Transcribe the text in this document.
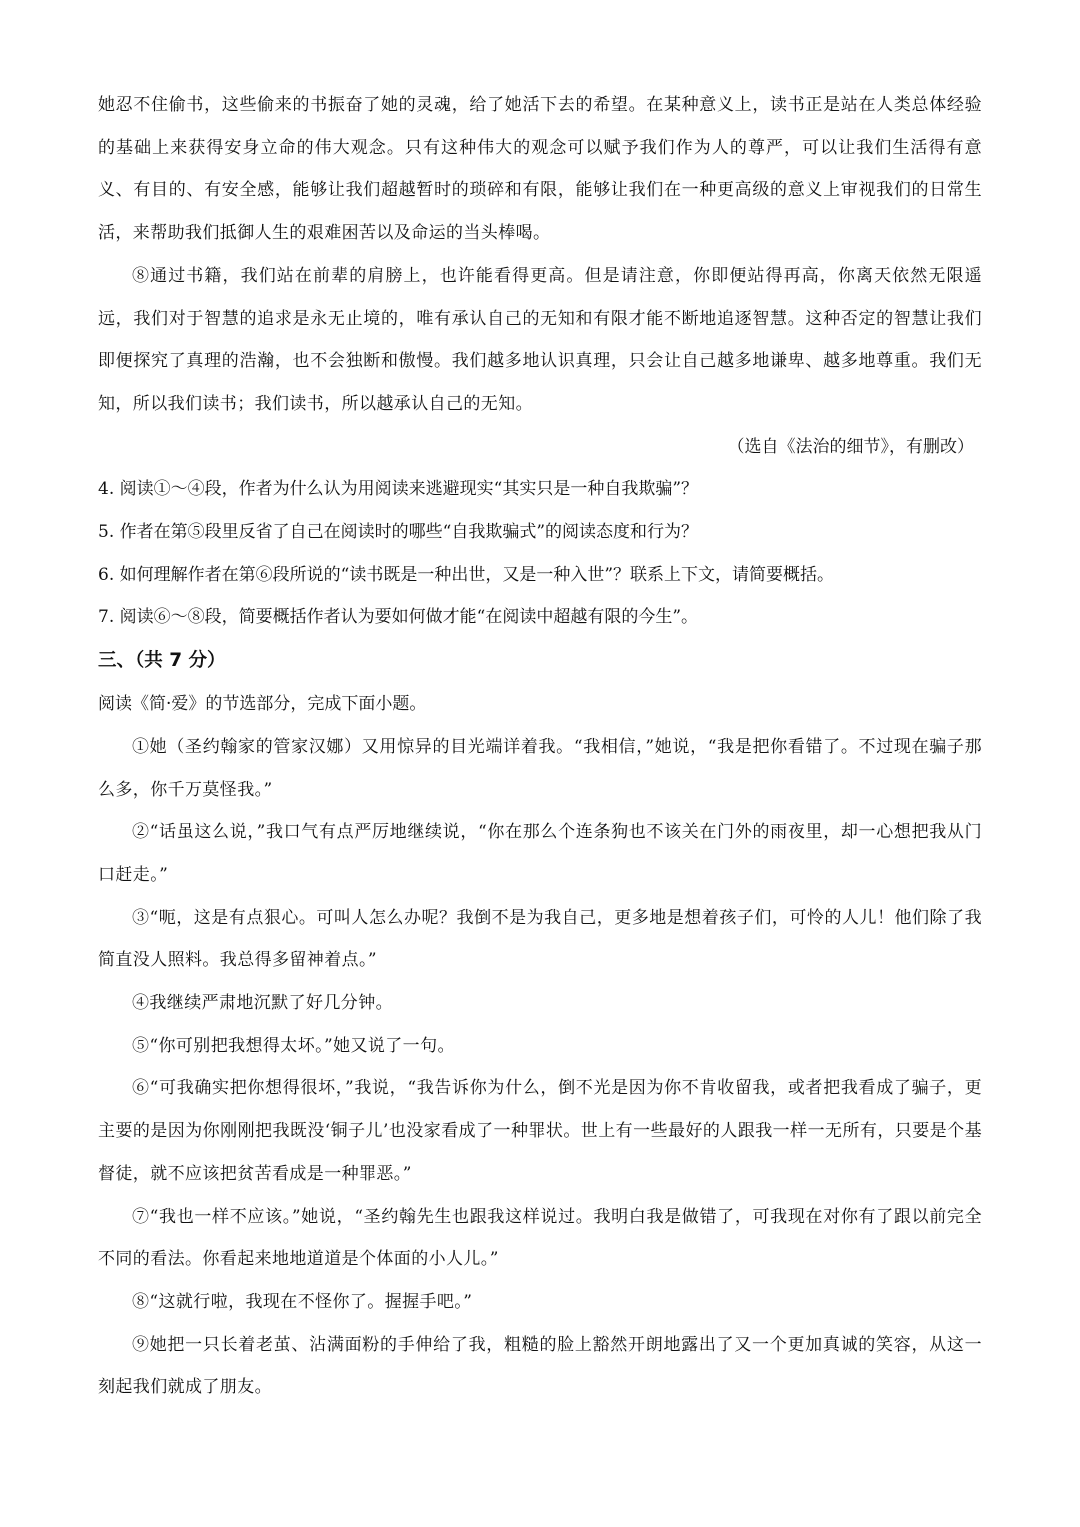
她忍不住偷书，这些偷来的书振奋了她的灵魂，给了她活下去的希望。在某种意义上，读书正是站在人类总体经验的基础上来获得安身立命的伟大观念。只有这种伟大的观念可以赋予我们作为人的尊严，可以让我们生活得有意义、有目的、有安全感，能够让我们超越暂时的琐碎和有限，能够让我们在一种更高级的意义上审视我们的日常生活，来帮助我们抵御人生的艰难困苦以及命运的当头棒喝。

⑧通过书籍，我们站在前辈的肩膀上，也许能看得更高。但是请注意，你即便站得再高，你离天依然无限遥远，我们对于智慧的追求是永无止境的，唯有承认自己的无知和有限才能不断地追逐智慧。这种否定的智慧让我们即便探究了真理的浩瀚，也不会独断和傲慢。我们越多地认识真理，只会让自己越多地谦卑、越多地尊重。我们无知，所以我们读书；我们读书，所以越承认自己的无知。

（选自《法治的细节》，有删改）

4. 阅读①～④段，作者为什么认为用阅读来逃避现实“其实只是一种自我欺骗”？

5. 作者在第⑤段里反省了自己在阅读时的哪些“自我欺骗式”的阅读态度和行为？

6. 如何理解作者在第⑥段所说的“读书既是一种出世，又是一种入世”？联系上下文，请简要概括。

7. 阅读⑥～⑧段，简要概括作者认为要如何做才能“在阅读中超越有限的今生”。

三、（共 7 分）

阅读《简·爱》的节选部分，完成下面小题。

①她（圣约翰家的管家汉娜）又用惊异的目光端详着我。“我相信，”她说，“我是把你看错了。不过现在骗子那么多，你千万莫怪我。”

②“话虽这么说，”我口气有点严厉地继续说，“你在那么个连条狗也不该关在门外的雨夜里，却一心想把我从门口赶走。”

③“呃，这是有点狠心。可叫人怎么办呢？我倒不是为我自己，更多地是想着孩子们，可怜的人儿！他们除了我简直没人照料。我总得多留神着点。”

④我继续严肃地沉默了好几分钟。

⑤“你可别把我想得太坏。”她又说了一句。

⑥“可我确实把你想得很坏，”我说，“我告诉你为什么，倒不光是因为你不肯收留我，或者把我看成了骗子，更主要的是因为你刚刚把我既没‘铜子儿’也没家看成了一种罪状。世上有一些最好的人跟我一样一无所有，只要是个基督徒，就不应该把贫苦看成是一种罪恶。”

⑦“我也一样不应该。”她说，“圣约翰先生也跟我这样说过。我明白我是做错了，可我现在对你有了跟以前完全不同的看法。你看起来地地道道是个体面的小人儿。”

⑧“这就行啦，我现在不怪你了。握握手吧。”

⑨她把一只长着老茧、沾满面粉的手伸给了我，粗糙的脸上豁然开朗地露出了又一个更加真诚的笑容，从这一刻起我们就成了朋友。
